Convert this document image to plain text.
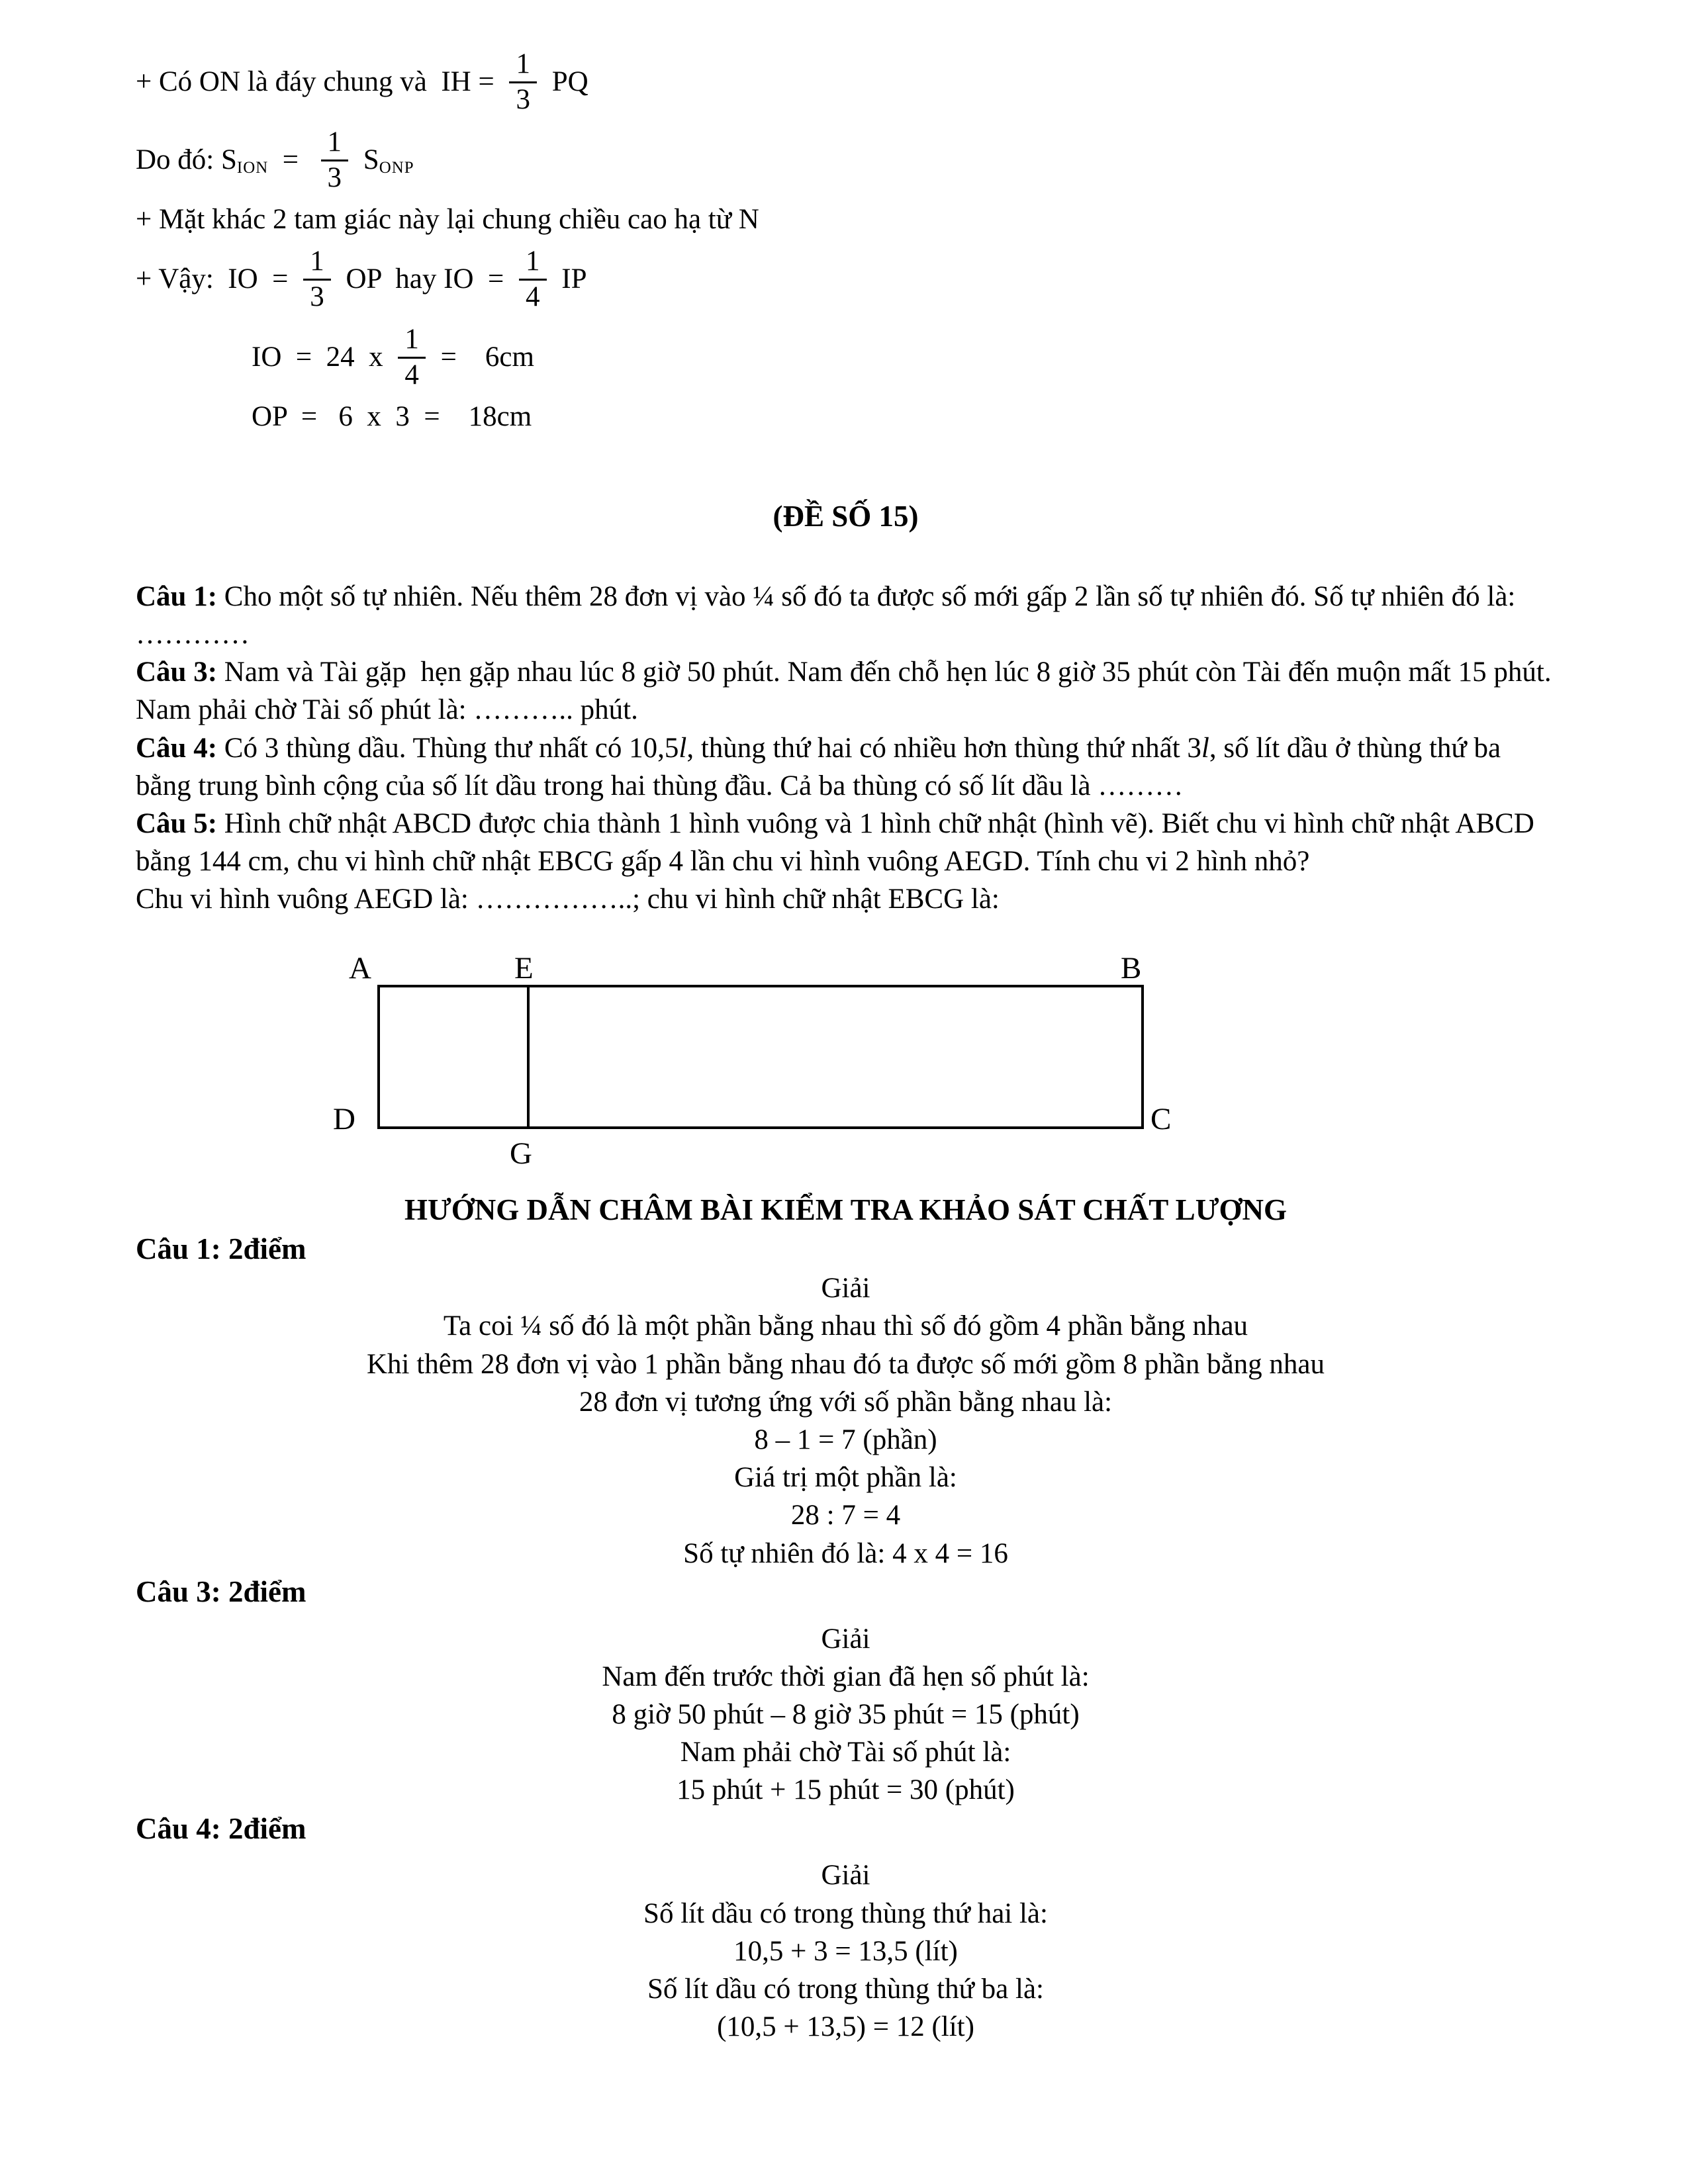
+ Có ON là đáy chung và  IH = $\frac{1}{3}$ PQ
Do đó: S ION = $\frac{1}{3}$ S ONP
+ Mặt khác 2 tam giác này lại chung chiều cao hạ từ N
+ Vậy:  IO  = $\frac{1}{3}$ OP  hay IO  = $\frac{1}{4}$ IP
IO  =  24  x $\frac{1}{4}$ =    6cm
OP  =   6  x  3  =    18cm
(ĐỀ SỐ 15)

Câu 1: Cho một số tự nhiên. Nếu thêm 28 đơn vị vào ¼ số đó ta được số mới gấp 2 lần số tự nhiên đó. Số tự nhiên đó là: …………

Câu 3: Nam và Tài gặp  hẹn gặp nhau lúc 8 giờ 50 phút. Nam đến chỗ hẹn lúc 8 giờ 35 phút còn Tài đến muộn mất 15 phút. Nam phải chờ Tài số phút là: ……….. phút.

Câu 4: Có 3 thùng dầu. Thùng thư nhất có 10,5l, thùng thứ hai có nhiều hơn thùng thứ nhất 3l, số lít dầu ở thùng thứ ba bằng trung bình cộng của số lít dầu trong hai thùng đầu. Cả ba thùng có số lít dầu là ………

Câu 5: Hình chữ nhật ABCD được chia thành 1 hình vuông và 1 hình chữ nhật (hình vẽ). Biết chu vi hình chữ nhật ABCD bằng 144 cm, chu vi hình chữ nhật EBCG gấp 4 lần chu vi hình vuông AEGD. Tính chu vi 2 hình nhỏ?

Chu vi hình vuông AEGD là: ……………..; chu vi hình chữ nhật EBCG là:

A	E	B
D
G
C
HƯỚNG DẪN CHÂM BÀI KIỂM TRA KHẢO SÁT CHẤT LƯỢNG

Câu 1: 2điểm

Giải

Ta coi ¼ số đó là một phần bằng nhau thì số đó gồm 4 phần bằng nhau

Khi thêm 28 đơn vị vào 1 phần bằng nhau đó ta được số mới gồm 8 phần bằng nhau

28 đơn vị tương ứng với số phần bằng nhau là:

8 – 1 = 7 (phần)

Giá trị một phần là:

28 : 7 = 4

Số tự nhiên đó là: 4 x 4 = 16

Câu 3: 2điểm

Giải

Nam đến trước thời gian đã hẹn số phút là:

8 giờ 50 phút – 8 giờ 35 phút = 15 (phút)

Nam phải chờ Tài số phút là:

15 phút + 15 phút = 30 (phút)

Câu 4: 2điểm

Giải

Số lít dầu có trong thùng thứ hai là:

10,5 + 3 = 13,5 (lít)

Số lít dầu có trong thùng thứ ba là:

(10,5 + 13,5) = 12 (lít)
